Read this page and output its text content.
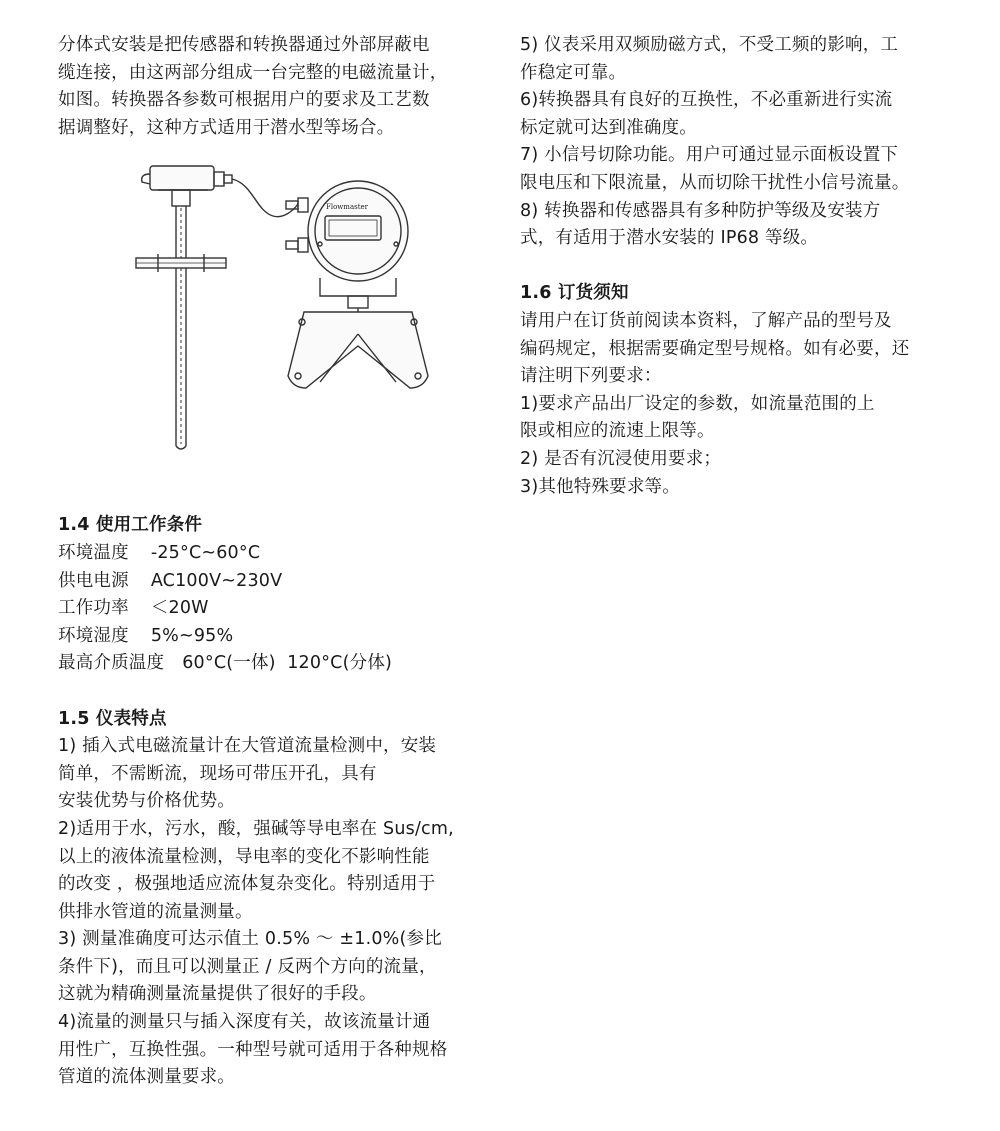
分体式安装是把传感器和转换器通过外部屏蔽电

缆连接，由这两部分组成一台完整的电磁流量计，

如图。转换器各参数可根据用户的要求及工艺数

据调整好，这种方式适用于潜水型等场合。

Flowmaster

1.4 使用工作条件

环境温度 -25°C~60°C
供电电源 AC100V~230V
工作功率 ＜20W
环境湿度 5%~95%
最高介质温度 60°C(一体)  120°C(分体)

1.5 仪表特点

1) 插入式电磁流量计在大管道流量检测中，安装

简单，不需断流，现场可带压开孔，具有

安装优势与价格优势。

2)适用于水，污水，酸，强碱等导电率在 Sus/cm,

以上的液体流量检测，导电率的变化不影响性能

的改变 ，极强地适应流体复杂变化。特别适用于

供排水管道的流量测量。

3) 测量准确度可达示值土 0.5% ～ ±1.0%(参比

条件下)，而且可以测量正 / 反两个方向的流量，

这就为精确测量流量提供了很好的手段。

4)流量的测量只与插入深度有关，故该流量计通

用性广，互换性强。一种型号就可适用于各种规格

管道的流体测量要求。

5) 仪表采用双频励磁方式，不受工频的影响，工

作稳定可靠。

6)转换器具有良好的互换性，不必重新进行实流

标定就可达到准确度。

7) 小信号切除功能。用户可通过显示面板设置下

限电压和下限流量，从而切除干扰性小信号流量。

8) 转换器和传感器具有多种防护等级及安装方

式，有适用于潜水安装的 IP68 等级。

1.6 订货须知

请用户在订货前阅读本资料，了解产品的型号及

编码规定，根据需要确定型号规格。如有必要，还

请注明下列要求：

1)要求产品出厂设定的参数，如流量范围的上

限或相应的流速上限等。

2) 是否有沉浸使用要求；

3)其他特殊要求等。
